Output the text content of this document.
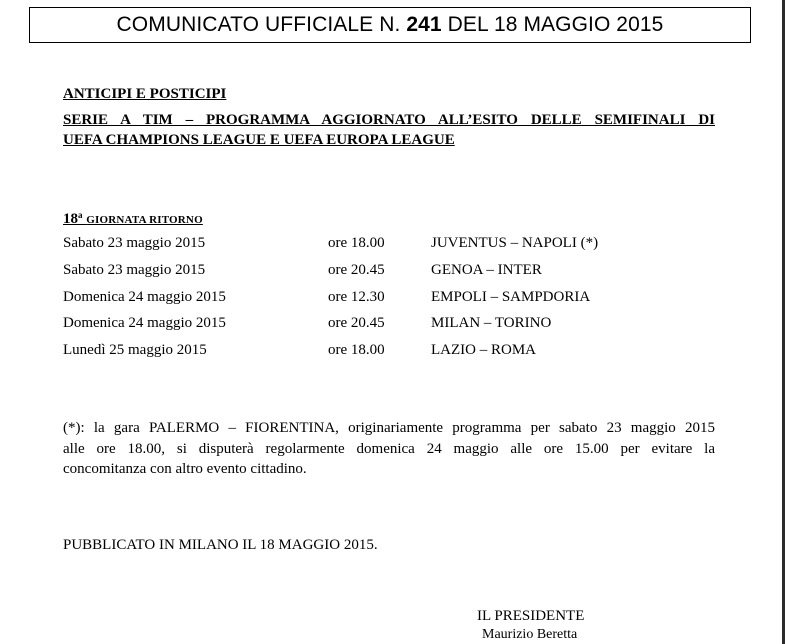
COMUNICATO UFFICIALE N.
241
DEL 18 MAGGIO 2015
ANTICIPI E POSTICIPI
SERIE A TIM – PROGRAMMA AGGIORNATO ALL’ESITO DELLE SEMIFINALI DI
UEFA CHAMPIONS LEAGUE E UEFA EUROPA LEAGUE
18$^a$ GIORNATA RITORNO
Sabato 23 maggio 2015	ore 18.00	JUVENTUS – NAPOLI (*)
Sabato 23 maggio 2015	ore 20.45	GENOA – INTER
Domenica 24 maggio 2015	ore 12.30	EMPOLI – SAMPDORIA
Domenica 24 maggio 2015	ore 20.45	MILAN – TORINO
Lunedì 25 maggio 2015	ore 18.00	LAZIO – ROMA
(*): la gara PALERMO – FIORENTINA, originariamente programma per sabato 23 maggio 2015
alle ore 18.00, si disputerà regolarmente domenica 24 maggio alle ore 15.00 per evitare la
concomitanza con altro evento cittadino.
PUBBLICATO IN MILANO IL 18 MAGGIO 2015.
IL PRESIDENTE
Maurizio Beretta
